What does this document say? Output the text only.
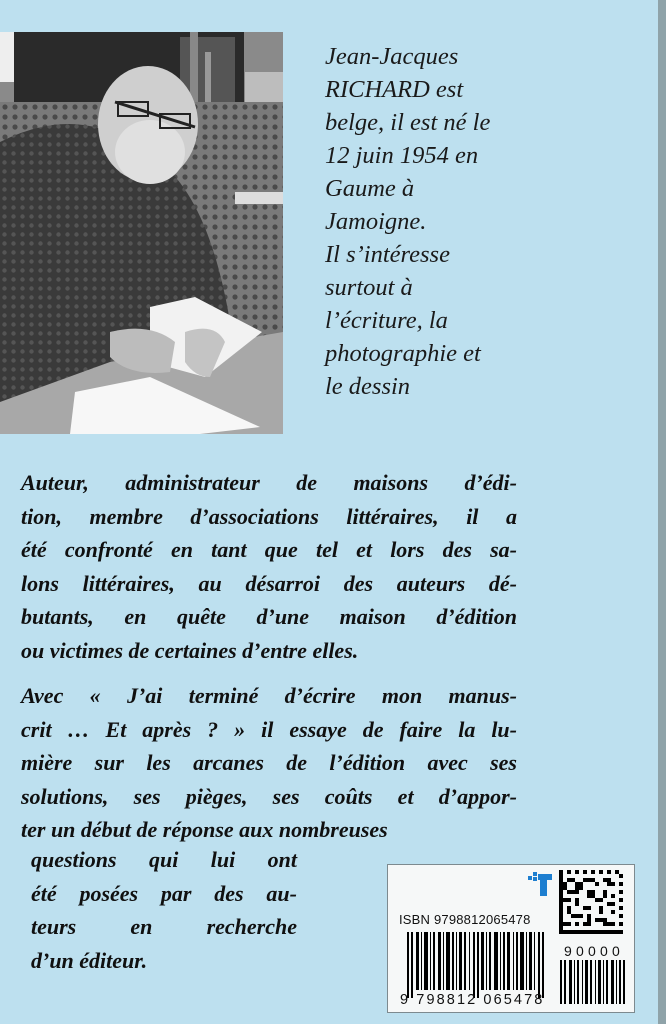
Jean-Jacques
RICHARD est
belge, il est né le
12 juin 1954 en
Gaume à
Jamoigne.
Il s’intéresse
surtout à
l’écriture, la
photographie et
le dessin
Auteur, administrateur de maisons d’édi-
tion, membre d’associations littéraires, il a
été confronté en tant que tel et lors des sa-
lons littéraires, au désarroi des auteurs dé-
butants, en quête d’une maison d’édition
ou victimes de certaines d’entre elles.
Avec « J’ai terminé d’écrire mon manus-
crit … Et après ? » il essaye de faire la lu-
mière sur les arcanes de l’édition avec ses
solutions, ses pièges, ses coûts et d’appor-
ter un début de réponse aux nombreuses
questions qui lui ont
été posées par des au-
teurs en recherche
d’un éditeur.
ISBN 9798812065478
9 798812 065478
90000
